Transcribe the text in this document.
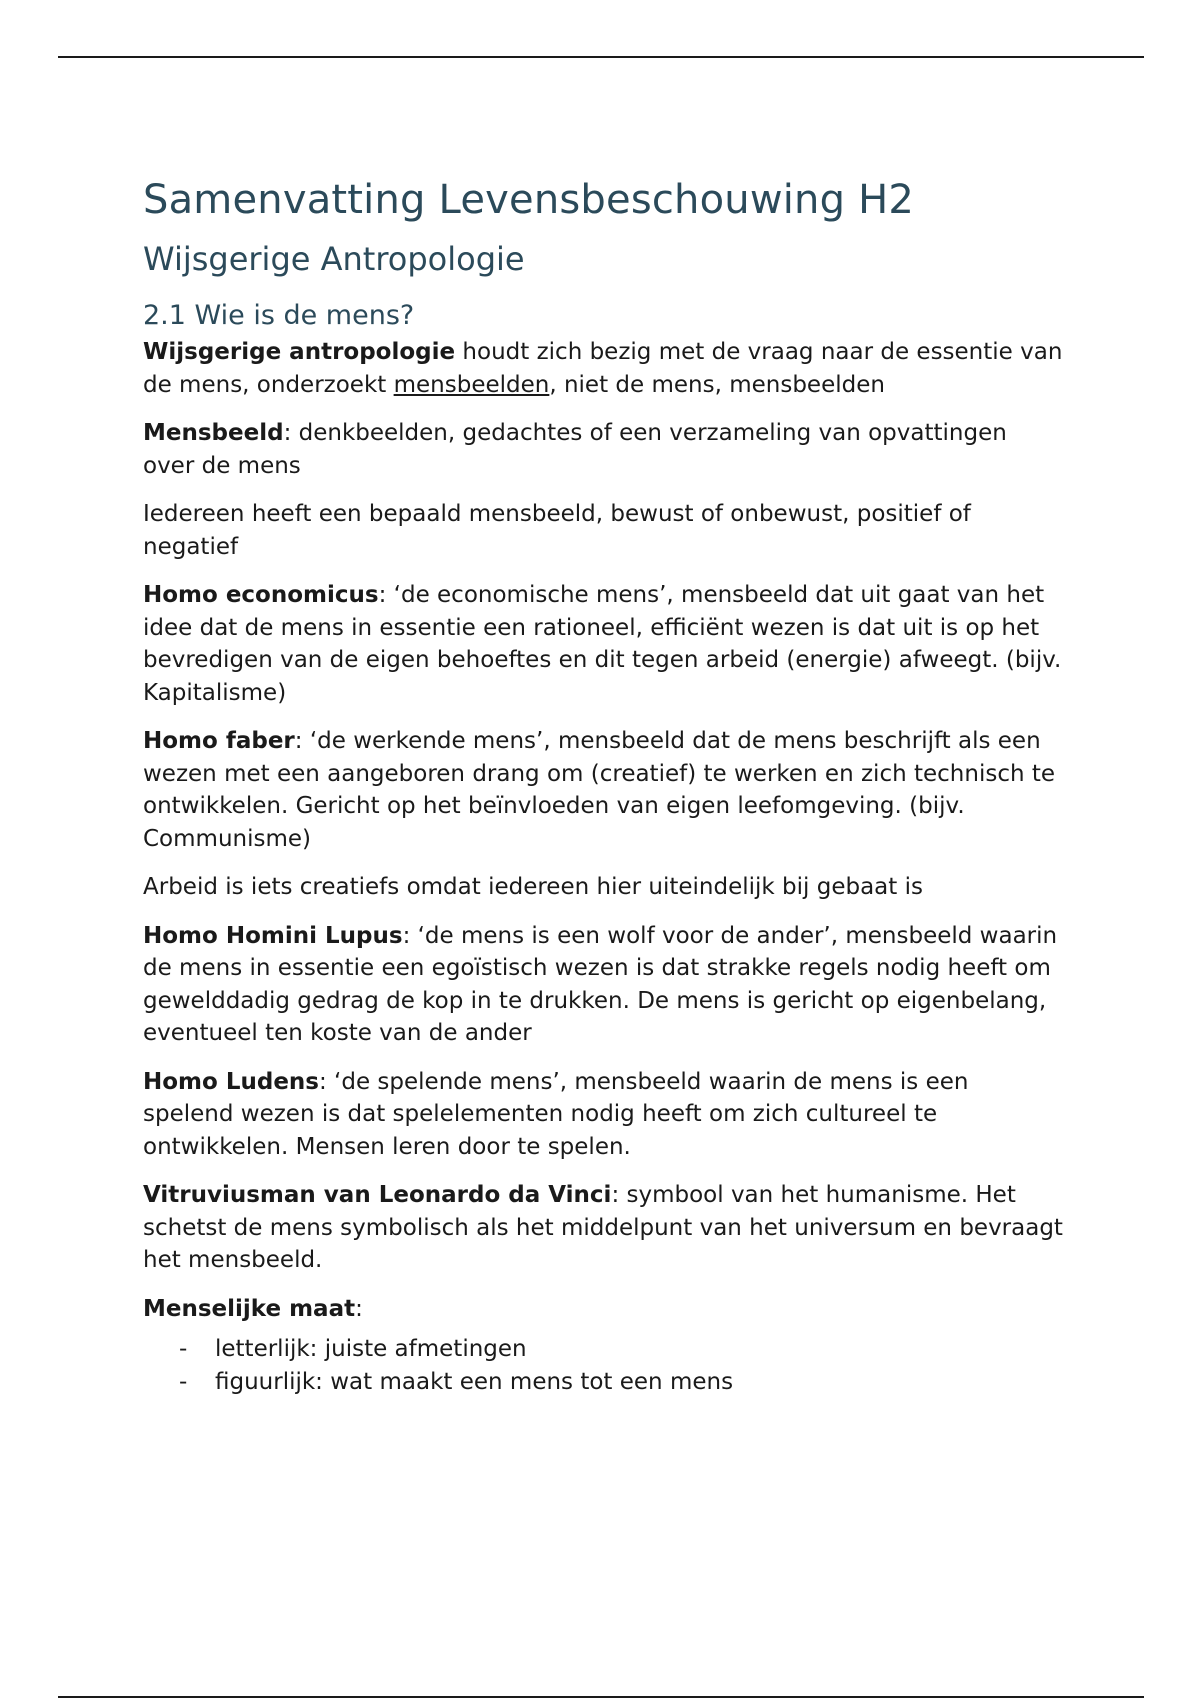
Samenvatting Levensbeschouwing H2
Wijsgerige Antropologie
2.1 Wie is de mens?

Wijsgerige antropologie houdt zich bezig met de vraag naar de essentie van de mens, onderzoekt mensbeelden, niet de mens, mensbeelden

Mensbeeld: denkbeelden, gedachtes of een verzameling van opvattingen over de mens

Iedereen heeft een bepaald mensbeeld, bewust of onbewust, positief of negatief

Homo economicus: ‘de economische mens’, mensbeeld dat uit gaat van het idee dat de mens in essentie een rationeel, efficiënt wezen is dat uit is op het bevredigen van de eigen behoeftes en dit tegen arbeid (energie) afweegt. (bijv. Kapitalisme)

Homo faber: ‘de werkende mens’, mensbeeld dat de mens beschrijft als een wezen met een aangeboren drang om (creatief) te werken en zich technisch te ontwikkelen. Gericht op het beïnvloeden van eigen leefomgeving. (bijv. Communisme)

Arbeid is iets creatiefs omdat iedereen hier uiteindelijk bij gebaat is

Homo Homini Lupus: ‘de mens is een wolf voor de ander’, mensbeeld waarin de mens in essentie een egoïstisch wezen is dat strakke regels nodig heeft om gewelddadig gedrag de kop in te drukken. De mens is gericht op eigenbelang, eventueel ten koste van de ander

Homo Ludens: ‘de spelende mens’, mensbeeld waarin de mens is een spelend wezen is dat spelelementen nodig heeft om zich cultureel te ontwikkelen. Mensen leren door te spelen.

Vitruviusman van Leonardo da Vinci: symbool van het humanisme. Het schetst de mens symbolisch als het middelpunt van het universum en bevraagt het mensbeeld.

Menselijke maat:

- letterlijk: juiste afmetingen
- figuurlijk: wat maakt een mens tot een mens
